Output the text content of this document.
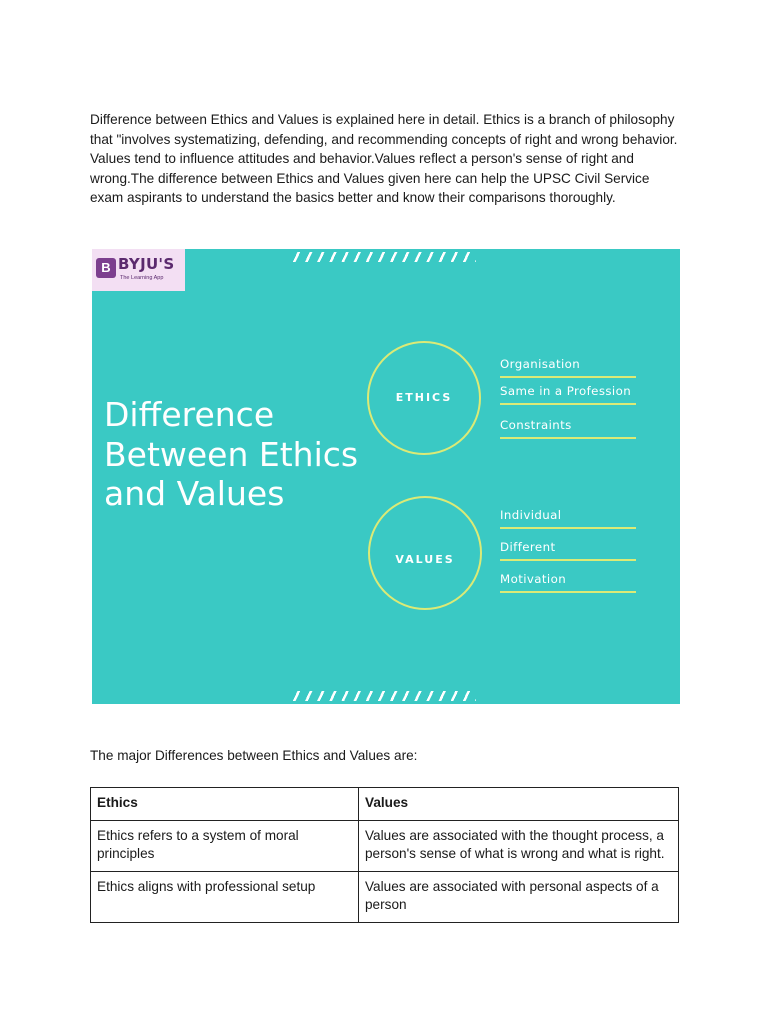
Difference between Ethics and Values is explained here in detail. Ethics is a branch of philosophy that "involves systematizing, defending, and recommending concepts of right and wrong behavior. Values tend to influence attitudes and behavior.Values reflect a person's sense of right and wrong.The difference between Ethics and Values given here can help the UPSC Civil Service exam aspirants to understand the basics better and know their comparisons thoroughly.

B BYJU'S
The Learning App
Difference Between Ethics and Values
ETHICS
Organisation
Same in a Profession
Constraints
VALUES
Individual
Different
Motivation

The major Differences between Ethics and Values are:

Ethics	Values
Ethics refers to a system of moral principles	Values are associated with the thought process, a person's sense of what is wrong and what is right.
Ethics aligns with professional setup	Values are associated with personal aspects of a person
